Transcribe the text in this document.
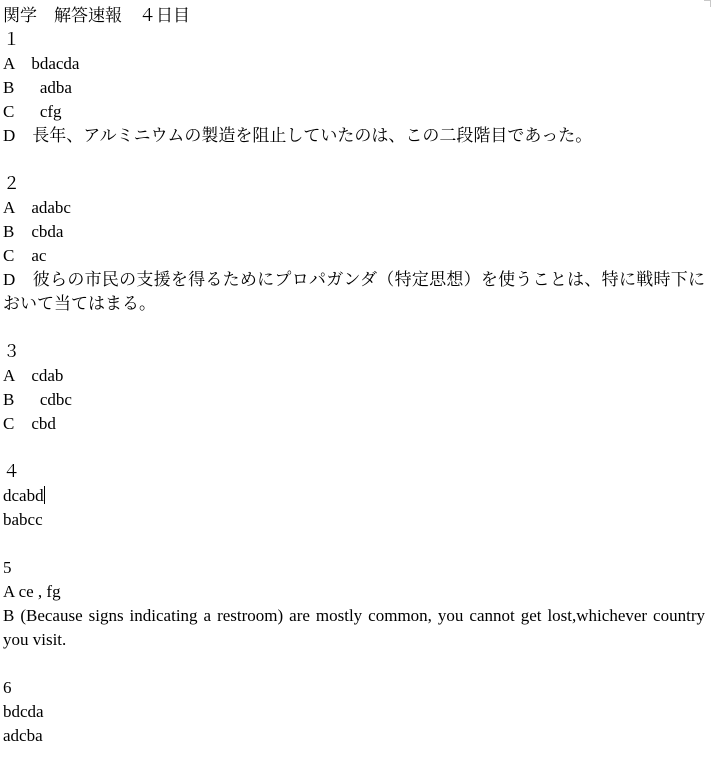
関学　解答速報　４日目
１
A　bdacda
B　  adba
C　  cfg
D　長年、アルミニウムの製造を阻止していたのは、この二段階目であった。
２
A　adabc
B　cbda
C　ac
D　彼らの市民の支援を得るためにプロパガンダ（特定思想）を使うことは、特に戦時下において当てはまる。
３
A　cdab
B　  cdbc
C　cbd
４
dcabd
babcc
5
A ce , fg
B (Because signs indicating a restroom) are mostly common, you cannot get lost,whichever country you visit.
6
bdcda
adcba
